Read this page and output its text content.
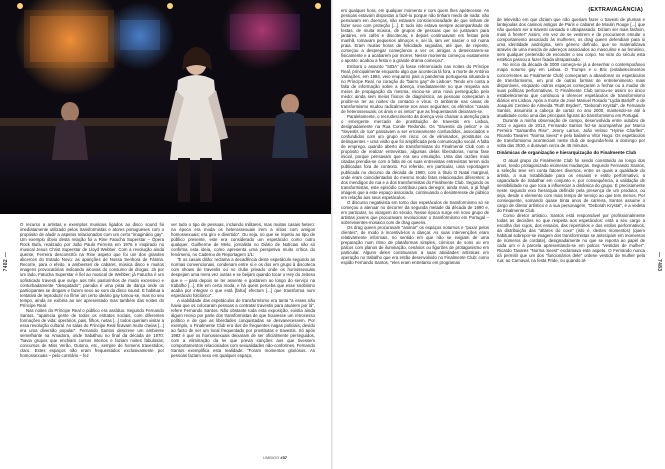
7482 —

O recurso a artistas e exemplos musicais ligados ao disco sound foi imediatamente utilizado pelos transformistas e atores portugueses com o propósito de aludir a aspetos relacionados com um certo "imaginário gay". Um exemplo óbvio desta relação foi a Rine Fatucha Superstar – Ópera Rock Bufa, realizado por João Paulo Ferreira em 1976 e inspirado no musical Jesus Christ Superstar de Lloyd Webber. Com a revolução ainda quente, Ferreira desconstrói na Rine aspeto que foi um dos grandes alicerces do Estado Novo: as aparições de Nossa Senhora de Fátima. Recorre, para o efeito, a ambientes de cabaret, música disco e muitos imagens provocatórias indicando alcovas do consumo de drogas. Já por um lado, Fatucha Superstar é fiel ao musical de Webber; já Fatucha é um sofisticado travesti que surge aos três pastorinhos de modo excessivo e conturbadamente "desquitado"; parodia é uma pista de dança onde os participantes se drogam e fazem sexo ao som da disco sound. E habitua a tentativa de reproduzir no filme um certo ideário gay tornou-se, mas no seu tempo, ainda se exibiria ao ser apresentado mas também das noites do Príncipe Real.

Nas noites do Príncipe Real o público era assíduo. Segundo Fernando Santos, "aparecia gente de todos os estratos sociais, com diferentes formações de vida: operários, pais, filhos, netas [...] todos queriam visitar a essa revolução cultural. As salas do Príncipe Real ficavam muito cheias [...] era uma diversão popular". Fernando Santos descreve um ambiente semelhante na Amadora, onde trabalhou no final da década de 1970: "havia grupos que enchiam cursos inteiros e faziam noites fabulosas; concursos de Miss Verão, Outono, etc., sempre de homens travestidos, claro. Estes espaços não eram frequentados exclusivamente por homossexuais – pelo contrário – fez

ver tudo o tipo de pessoas, incluindo militares, mas muitas casais hetero: na época era moda os heterossexuais irem a sítios com amigos homossexuais; era giro e divertido". Ou seja, no que se repetiu ao tipo de público presente, este era considerado um espetáculo como outro qualquer. Guilherme de Melo, jornalista no Diário de Notícias não só confirma esta ideia, como apresenta uma perspetiva muito crítica do fenómeno, no Caderno de Reportagem 1/1:

"E os casais dirão: reclama a decadência deste espetáculo segundo as normas convencionais, condenam entre si e os dos em grupo à discoteca com shows de travestis ou no clube privado onde os homossexuais despejam uma mera vez outras e se beijam quando tocar o Hey do Jeitoso que e – para depois se ter assente e gostarem ao longo do serviço na trabalho [...]. Ele em certa moda, e há quem perceba que esse snobismo acaba por integrar o que está [falso] efectum [...] que transforma num espetáculo folclórico".

A viabilidade das espetáculos de transformismo era tanta "a esses não havia que os colocaram pessoas a contratar travestis para atuarem por lá", refere Fernando Santos. Não obstante toda esta exposição, existia ainda algum receio por parte dos transformistas de que houvesse um retrocesso político e de que as liberdades conquistadas se desvanecessem. Por exemplo, o Finalmente Club era dos de frequentes nagas policiais, devido ao facto de ser um local frequentado por prostitutas e travestis. Só após 1982 é que os homossexuais deixaram de ser oficialmente perseguidos, com a eliminação da lei que previa sanções aos que tivessem comportamentos relacionados com sexualidades não-conformes. Fernando Santos exemplifica esta realidade: "Foram momentos gloriosos. As pessoas faziam sexo em qualquer espaço,

(EXTRAVAGÂNCIA)
— 7483

em qualquer hora, em qualquer momento e com quem lhes apetecesse. As pessoas estavam dispostas a fazê-lo porque não tinham medo de nada: não pensavam em doenças, não estavam conscienciosidade de que tinham de fazer sexo com proteção [...]. E tudo isto estava sempre acompanhado de festas, de muita música, de grupos de pessoas que se juntavam para jantares, em cafés e discotecas, e depois continuavam em festas pela manhã, tomavam pequenos almoços e, sei lá, iam ver nascer o sol numa praia. Eram muitas horas de felicidade seguidas, até que, de repente, começou a despregar começámos a ver os amigos a deteriorarem-se fisicamente e a acabarem por morrer. Nesse momento começou exatamente o aposto: acabou a festa e a grande drama começou".

Embora o assunto "SIDA" já fosse referenciado nas noites do Príncipe Real, principalmente enquanto algo que acontecia lá fora, a morte de António Variações, em 1984, veio enquanto pais a pandemia portuguesa situando-a no Príncipe Real, no coração do "bairro gay" de Lisboa⁹. Tendo em conta a falta de informação sobre a doença, imediatamente no que respeita aos meios de propagação da mesma, iniciou-se uma nova perseguição pelo medo: ainda sem meios físicos de diagnóstico, as pessoas começaram a proibir-se ter as noites do contacto e vírus. O ambiente nas casas de transformismo mudou radicalmente nos anos seguintes; os efémitos "casais de heterossexuais, os amis e os netos" que as frequentavam deixaram-se.

Paralelamente, o recrudescimento da doença veio chamar a atenção para o emergente mercado de prostituição de travestis em Lisboa, designadamente na Rua Conde Redondo. Os "travestis da pelica" e os "travestis de rua" passavam a ser erroneamente confundidos, associados e confundidos com um grupo em risco: os de eliminados, prostitutos ou delinquentes – uma visão que foi amplificada pela comunicação social. A falta de emprego, quando aberto de transformistas do Finalmente Club com o propósito de realizar entrevistas, algumas delas liberadoras, numa fase inicial, porque pensavam que era seu emulação. Uma das razões mais citadas prendia-se com a falta de os suas entrevistas entrevistas terem sido publicadas fora de contexto. Foi referido, em particular, uma reportagem publicada no decurso da década de 1980, com a título O Natal marginal, onde eram coincidentados do mesmo modo fatos relacionados diferentes: a dos mendigos de rua e a dos transformistas do Finalmente Club. Segundo os transformistas, este episódio contribuiu para denegrir, ainda mais, a já frágil imagem que a este espaço associado, continuando o desinteresse de público em relação aos seus espetáculos.

O discurso negativista em torno dos espetáculos de transformismo só se começou a atenuar no decorrer da segunda metade da década de 1990 e, em particular, no virargem do século. Nesse época surge em novo grupo de artistas jovens que procuravam revolucionar o transformismo em Portugal – sobreviventes-mosaico com de drag queens.

Os drag queen procuravam "animar" os espaços noturnos e "puxar pelos clientes", de modo a incentivá-los a dançar. As suas intervenções eram relativamente informais, no sentido em que não se exigiam de uma preparação num ritmo de plataformas simples, cómicos de sons ou em palcos com planos de iluminação, cenários ou figurões de protagonismo em particular. Alguns deles continuaram a suas atividades artísticas em operação no trabalho que era então desenvolvido no Finalmente Club: como espião Fernando Santos, "eles eram entretanto em programas

de televisão em que diziam que não queriam fazer o travesti de plumas e lantejoulas dos casinos antigos de Paris e cabaret de Moulin Rouge [...] que não queriam ser a travesti cansado e ultrapassado. Diziam ser mais fashion, mais à frente!" Assim, em vez de se vestirem e de procurarem emular o comportamento associado às mulheres, os drag queen defendiam para si uma identidade andrógina, sem género definido, que se materializava através de uma mescla de adereços associados ao masculino e ao feminino, sem qualquer pretensão de esconder o seu corpo. No virar do século esta estética passou a fazer fixada ultrapassado.

No início da década de 2000 começa-se já a desenhar o contemporâneo mapa noturno gay em Lisboa. O Trumps e o Bric (estabelecimentos concorrentes ao Finalmente Club) começaram a abandonar os espetáculos de transformismo, em prol de outras formas de entretenimento mais disponíveis, enquanto outros espaços começaram a fechar ou a mudar de suas políticas performativas. O Finalmente Club tornou-se assim no único estabelecimento que continuou a oferecer espetáculos de transformismo diários em Lisboa. Após a morte de José Manuel Rosado "Lydia Barloff" e de Joaquim Centeio de Almeida "Ruth Bryden", "Deborah Krystal", de Fernando Santos, assumiria a cabeça de cartaz no ano 2000, mantendo-se até à atualidade como uma das principais figuras do transformismo em Portugal.

Durante a minha observação de campo, desenvolvida entre outubro de 2011 e agosto de 2013, Fernando Santos fez-se acompanhar por Marco Ferreira "Samantha Rise", Jenny Larrue, João Veloso "Hymie Charlles", Ricardo Tavares "Norma Seest" e pelo bailarino Vitor Hugo. Os espetáculos de transformismo aconteciam neste club de segunda-feira a domingo por volta das 3h30, e duravam cerca de 45 minutos.

Dinâmicas de organização e hierarquização do Finalmente Club

O atual grupo do Finalmente Club foi sendo constituído ao longo dos anos, tendo protagonizado inúmeras mudanças. Segundo Fernando Santos, a seleção teve em conta fatores diversos, entre os quais a qualidade do artista, a sua notabilidade para os ensaios e estilo performativo, a capacidade de trabalhar em conjunto e, por consequência, a validação de sensibilidade no que toca a influenciar a dinâmica do grupo. É precisamente neste segundo eixo hierarquia definido pela presença de um produtor, ou seja, desde o elemento com mais tempo de serviço ao que tem menos. Por consequente, somando quase trinta anos de carreira, Santos assume o cargo de diretor artístico e a sua personagem, "Deborah Krystal", é a vedeta do Finalmente Club.

Como diretor artístico, Santos está responsável por profissionalmente todas as decisões no que respeita aos espetáculos: está a seu cargo a escolha dos cujos, dos ensaios, das repertórios e dos estilos performativos, da distribuição das "altares do coxe" (isto é, destes momentos) (quem habitual sobrepor-se imagem dos transformistas se antecipam em momentos de números de cordate), designadamente no que se reporta ao papel de cada um e à parcela apresentando-se em palcos "vestidos de mulher". Ricardo Tavares "Norma Seest" exclamava este aspeto. O Fernando nunca irá permitir que um dos "funcionários dele" ordene vestido de mulher pela rua; ao Carnaval, na festa Pride, ou quando al-

UMBIGO #37
